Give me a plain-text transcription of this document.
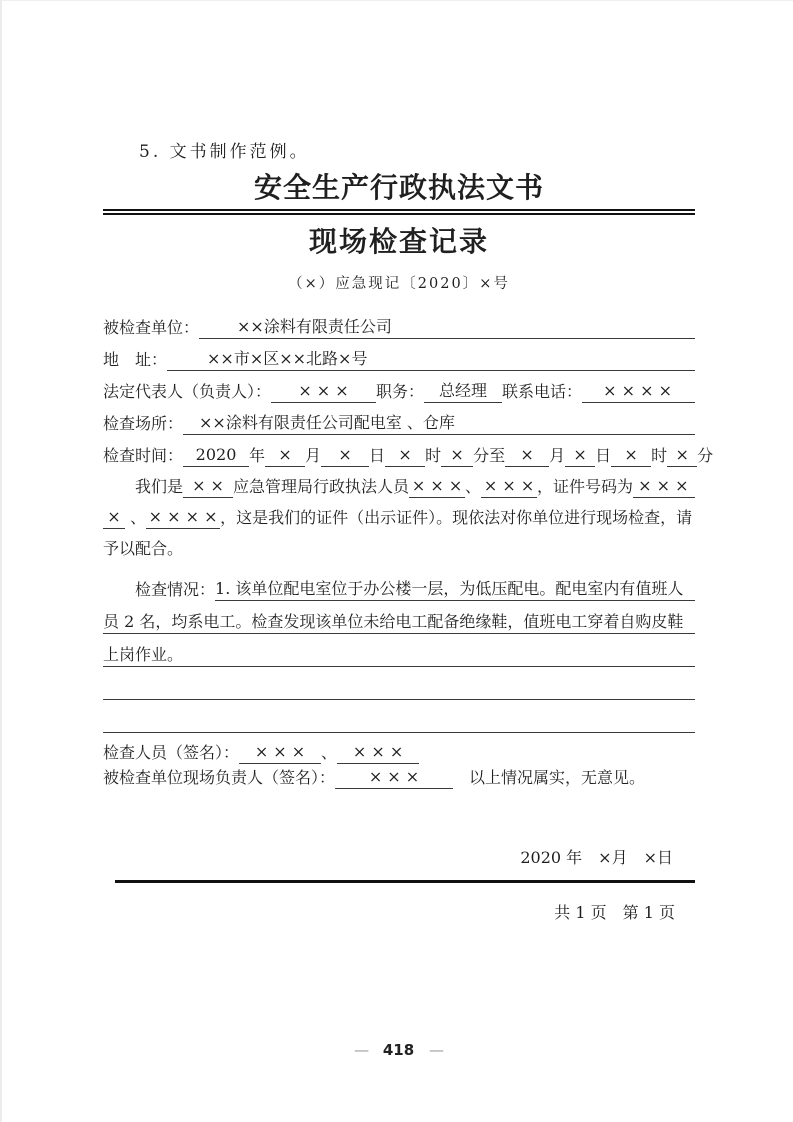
5. 文书制作范例。
安全生产行政执法文书
现场检查记录
（×）应急现记〔2020〕×号
被检查单位：	××涂料有限责任公司
地　址：	××市×区××北路×号
法定代表人（负责人）：	× × ×	职务： 总经理 联系电话： 　 × × × ×
检查场所：	××涂料有限责任公司配电室 、仓库
检查时间： 2020 年 × 月	×	日 × 时 × 分至 × 月 × 日 × 时 × 分
我们是 × × 应急管理局行政执法人员 × × × 、 × × × ，证件号码为 × × ×
× 、 × × × × ，这是我们的证件（出示证件）。现依法对你单位进行现场检查，请
予以配合。
检查情况： 1. 该单位配电室位于办公楼一层，为低压配电。配电室内有值班人
员 2 名，均系电工。检查发现该单位未给电工配备绝缘鞋，值班电工穿着自购皮鞋
上岗作业。
检查人员（签名）： × × × 、 × × ×
被检查单位现场负责人（签名）：	× × ×	　以上情况属实，无意见。
2020 年　×月　×日
共 1 页　第 1 页
— 418 —
